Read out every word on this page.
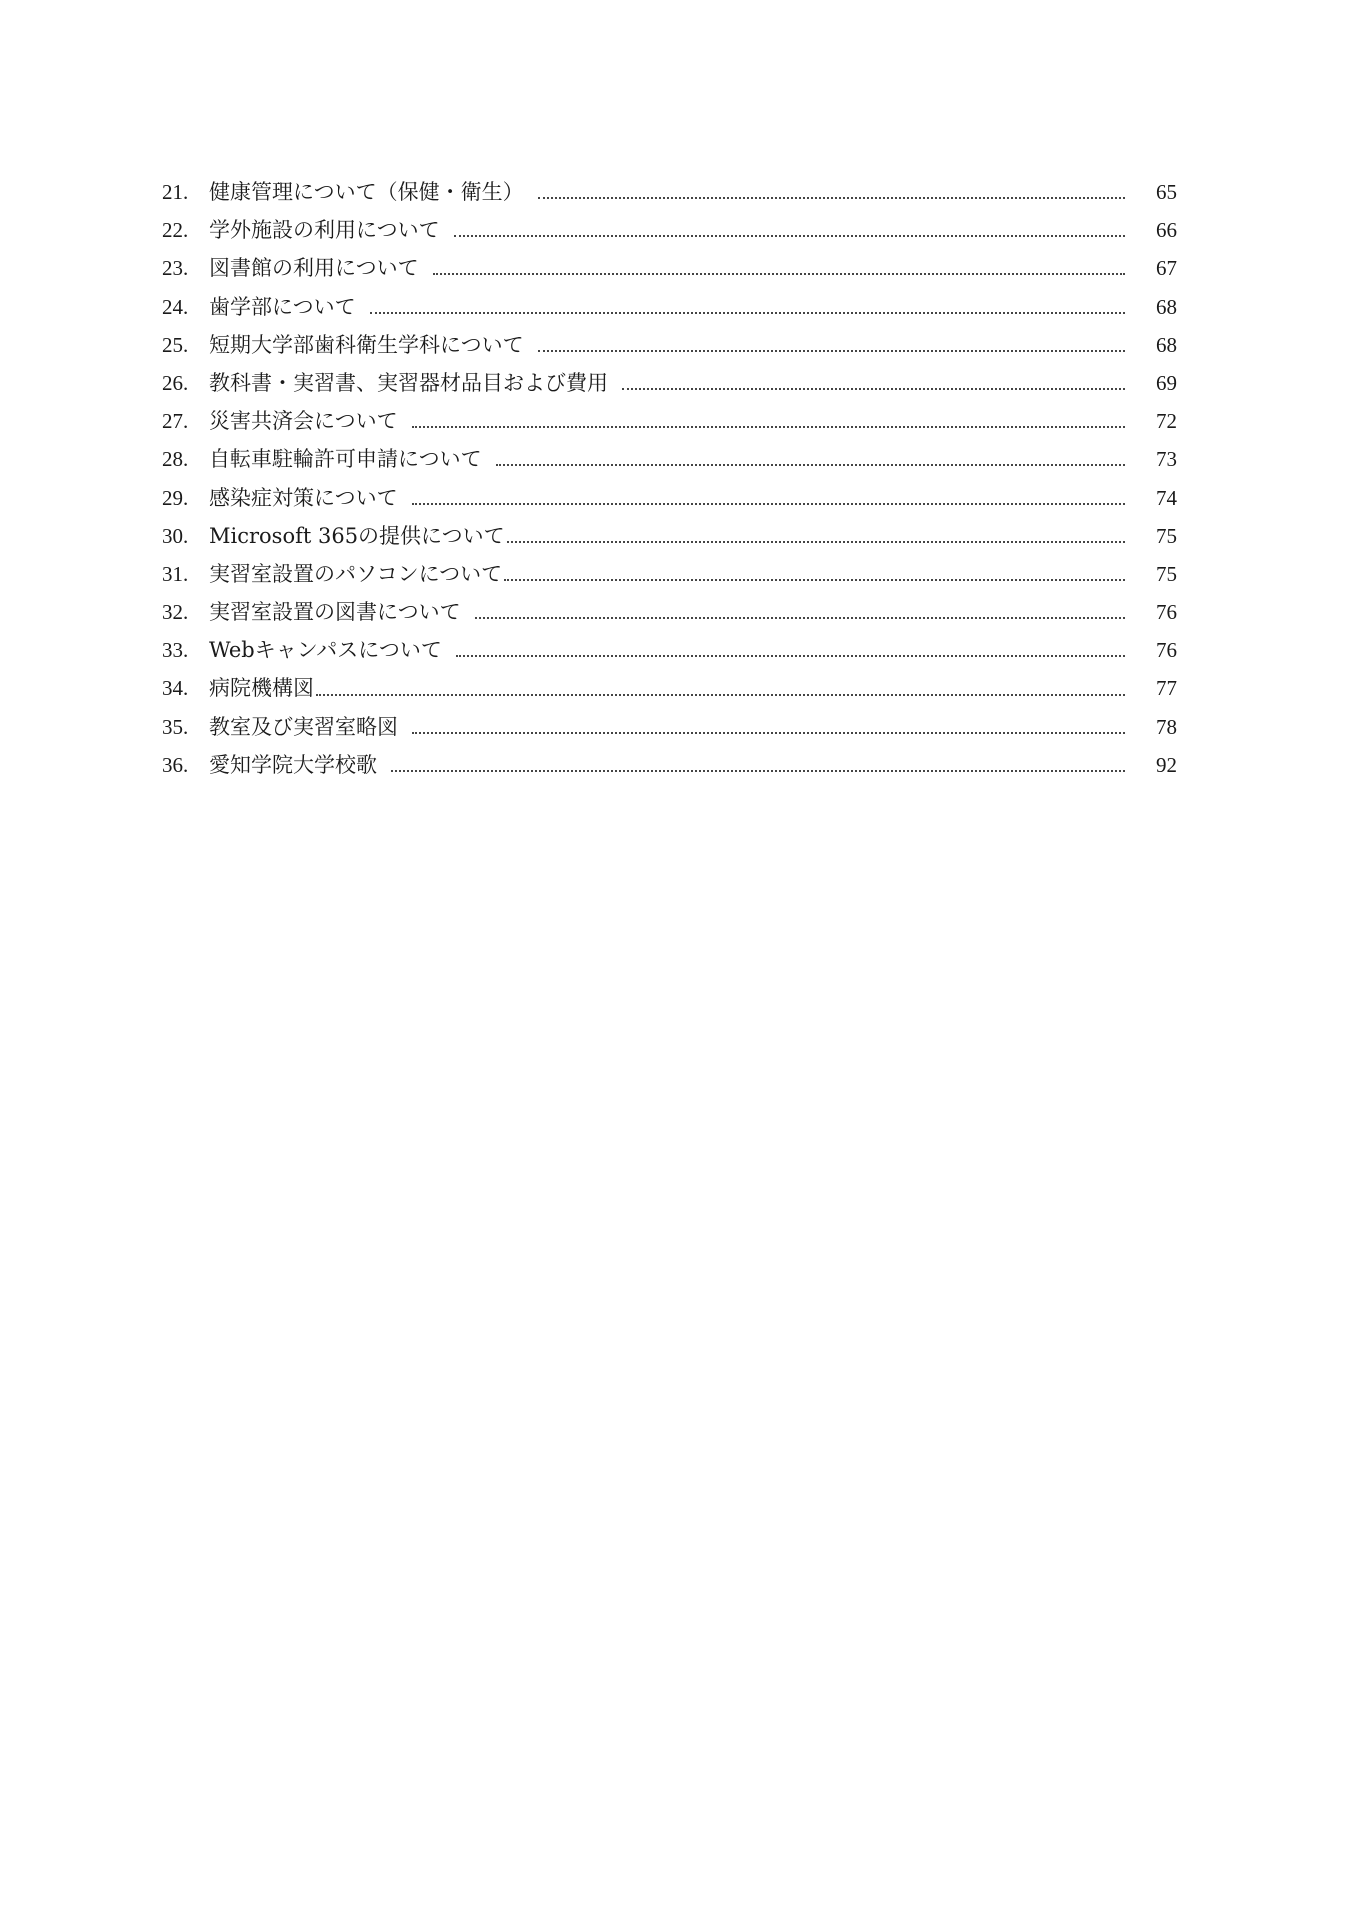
21. 健康管理について（保健・衛生）	65
22. 学外施設の利用について	66
23. 図書館の利用について	67
24. 歯学部について	68
25. 短期大学部歯科衛生学科について	68
26. 教科書・実習書、実習器材品目および費用	69
27. 災害共済会について	72
28. 自転車駐輪許可申請について	73
29. 感染症対策について	74
30. Microsoft 365の提供について	75
31. 実習室設置のパソコンについて	75
32. 実習室設置の図書について	76
33. Webキャンパスについて	76
34. 病院機構図	77
35. 教室及び実習室略図	78
36. 愛知学院大学校歌	92
